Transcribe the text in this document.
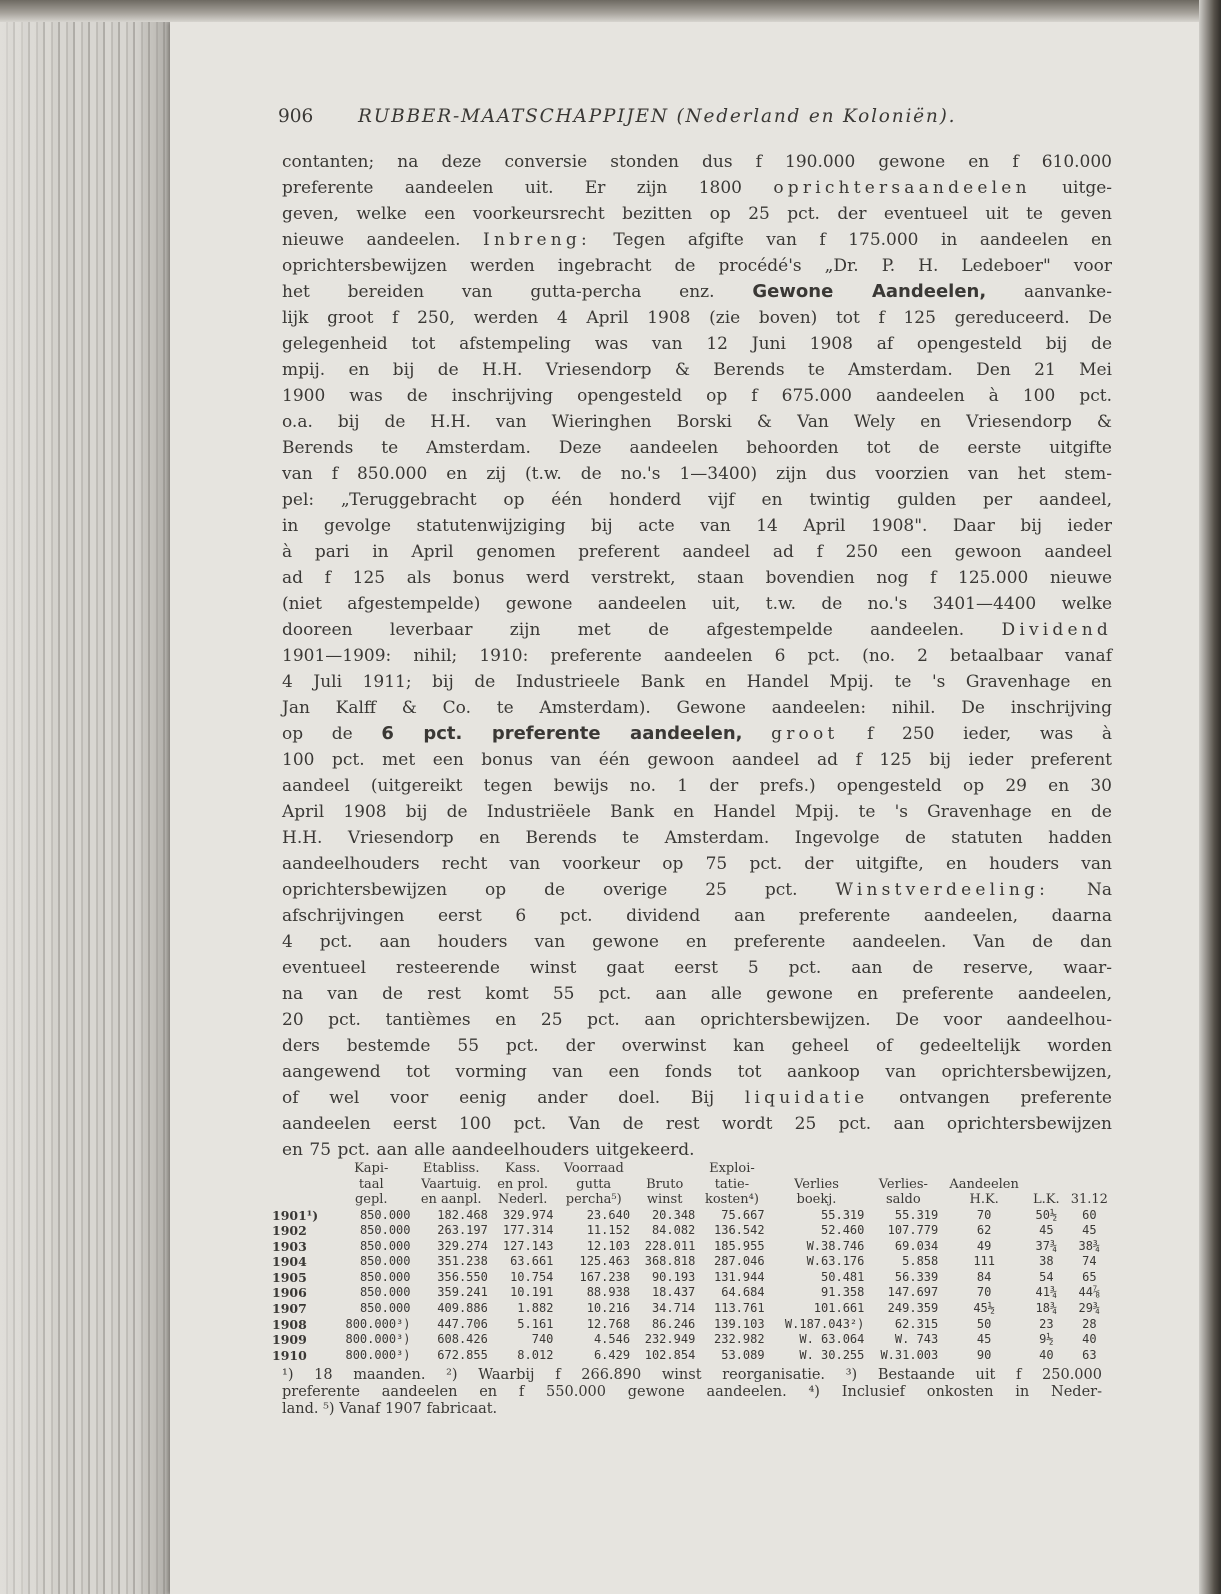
906 RUBBER-MAATSCHAPPIJEN (Nederland en Koloniën).
contanten; na deze conversie stonden dus f 190.000 gewone en f 610.000
preferente aandeelen uit. Er zijn 1800 oprichtersaandeelen uitge-
geven, welke een voorkeursrecht bezitten op 25 pct. der eventueel uit te geven
nieuwe aandeelen. Inbreng: Tegen afgifte van f 175.000 in aandeelen en
oprichtersbewijzen werden ingebracht de procédé's „Dr. P. H. Ledeboer" voor
het bereiden van gutta-percha enz. Gewone Aandeelen, aanvanke-
lijk groot f 250, werden 4 April 1908 (zie boven) tot f 125 gereduceerd. De
gelegenheid tot afstempeling was van 12 Juni 1908 af opengesteld bij de
mpij. en bij de H.H. Vriesendorp & Berends te Amsterdam. Den 21 Mei
1900 was de inschrijving opengesteld op f 675.000 aandeelen à 100 pct.
o.a. bij de H.H. van Wieringhen Borski & Van Wely en Vriesendorp &
Berends te Amsterdam. Deze aandeelen behoorden tot de eerste uitgifte
van f 850.000 en zij (t.w. de no.'s 1—3400) zijn dus voorzien van het stem-
pel: „Teruggebracht op één honderd vijf en twintig gulden per aandeel,
in gevolge statutenwijziging bij acte van 14 April 1908". Daar bij ieder
à pari in April genomen preferent aandeel ad f 250 een gewoon aandeel
ad f 125 als bonus werd verstrekt, staan bovendien nog f 125.000 nieuwe
(niet afgestempelde) gewone aandeelen uit, t.w. de no.'s 3401—4400 welke
dooreen leverbaar zijn met de afgestempelde aandeelen. Dividend
1901—1909: nihil; 1910: preferente aandeelen 6 pct. (no. 2 betaalbaar vanaf
4 Juli 1911; bij de Industrieele Bank en Handel Mpij. te 's Gravenhage en
Jan Kalff & Co. te Amsterdam). Gewone aandeelen: nihil. De inschrijving
op de 6 pct. preferente aandeelen, groot f 250 ieder, was à
100 pct. met een bonus van één gewoon aandeel ad f 125 bij ieder preferent
aandeel (uitgereikt tegen bewijs no. 1 der prefs.) opengesteld op 29 en 30
April 1908 bij de Industriëele Bank en Handel Mpij. te 's Gravenhage en de
H.H. Vriesendorp en Berends te Amsterdam. Ingevolge de statuten hadden
aandeelhouders recht van voorkeur op 75 pct. der uitgifte, en houders van
oprichtersbewijzen op de overige 25 pct. Winstverdeeling: Na
afschrijvingen eerst 6 pct. dividend aan preferente aandeelen, daarna
4 pct. aan houders van gewone en preferente aandeelen. Van de dan
eventueel resteerende winst gaat eerst 5 pct. aan de reserve, waar-
na van de rest komt 55 pct. aan alle gewone en preferente aandeelen,
20 pct. tantièmes en 25 pct. aan oprichtersbewijzen. De voor aandeelhou-
ders bestemde 55 pct. der overwinst kan geheel of gedeeltelijk worden
aangewend tot vorming van een fonds tot aankoop van oprichtersbewijzen,
of wel voor eenig ander doel. Bij liquidatie ontvangen preferente
aandeelen eerst 100 pct. Van de rest wordt 25 pct. aan oprichtersbewijzen
en 75 pct. aan alle aandeelhouders uitgekeerd.
	Kapi-	Etabliss.	Kass.	Voorraad		Exploi-					
	taal	Vaartuig.	en prol.	gutta	Bruto	tatie-	Verlies	Verlies-	Aandeelen		
	gepl.	en aanpl.	Nederl.	percha⁵)	winst	kosten⁴)	boekj.	saldo	H.K.	L.K.	31.12
1901¹)	850.000	182.468	329.974	23.640	20.348	75.667	55.319	55.319	70	50½	60
1902	850.000	263.197	177.314	11.152	84.082	136.542	52.460	107.779	62	45	45
1903	850.000	329.274	127.143	12.103	228.011	185.955	W.38.746	69.034	49	37¾	38¾
1904	850.000	351.238	63.661	125.463	368.818	287.046	W.63.176	5.858	111	38	74
1905	850.000	356.550	10.754	167.238	90.193	131.944	50.481	56.339	84	54	65
1906	850.000	359.241	10.191	88.938	18.437	64.684	91.358	147.697	70	41¾	44⅞
1907	850.000	409.886	1.882	10.216	34.714	113.761	101.661	249.359	45½	18¾	29¾
1908	800.000³)	447.706	5.161	12.768	86.246	139.103	W.187.043²)	62.315	50	23	28
1909	800.000³)	608.426	740	4.546	232.949	232.982	W. 63.064	W. 743	45	9½	40
1910	800.000³)	672.855	8.012	6.429	102.854	53.089	W. 30.255	W.31.003	90	40	63
¹) 18 maanden. ²) Waarbij f 266.890 winst reorganisatie. ³) Bestaande uit f 250.000
preferente aandeelen en f 550.000 gewone aandeelen. ⁴) Inclusief onkosten in Neder-
land. ⁵) Vanaf 1907 fabricaat.
